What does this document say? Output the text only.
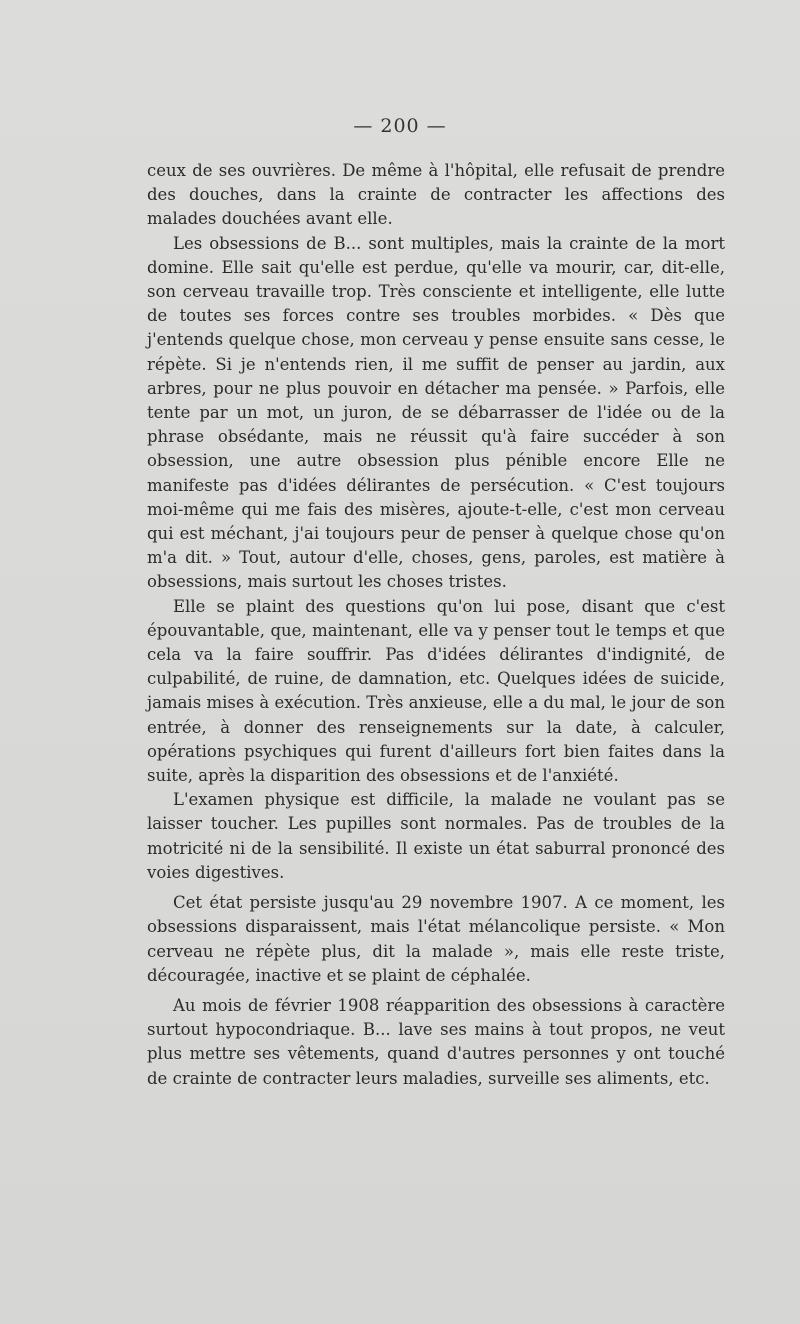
— 200 —

ceux de ses ouvrières. De même à l'hôpital, elle refusait de prendre des douches, dans la crainte de contracter les affections des malades douchées avant elle.

Les obsessions de B... sont multiples, mais la crainte de la mort domine. Elle sait qu'elle est perdue, qu'elle va mourir, car, dit-elle, son cerveau travaille trop. Très consciente et intelligente, elle lutte de toutes ses forces contre ses troubles morbides. « Dès que j'entends quelque chose, mon cerveau y pense ensuite sans cesse, le répète. Si je n'entends rien, il me suffit de penser au jardin, aux arbres, pour ne plus pouvoir en détacher ma pensée. » Parfois, elle tente par un mot, un juron, de se débarrasser de l'idée ou de la phrase obsédante, mais ne réussit qu'à faire succéder à son obsession, une autre obsession plus pénible encore Elle ne manifeste pas d'idées délirantes de persécution. « C'est toujours moi-même qui me fais des misères, ajoute-t-elle, c'est mon cerveau qui est méchant, j'ai toujours peur de penser à quelque chose qu'on m'a dit. » Tout, autour d'elle, choses, gens, paroles, est matière à obsessions, mais surtout les choses tristes.

Elle se plaint des questions qu'on lui pose, disant que c'est épouvantable, que, maintenant, elle va y penser tout le temps et que cela va la faire souffrir. Pas d'idées délirantes d'indignité, de culpabilité, de ruine, de damnation, etc. Quelques idées de suicide, jamais mises à exécution. Très anxieuse, elle a du mal, le jour de son entrée, à donner des renseignements sur la date, à calculer, opérations psychiques qui furent d'ailleurs fort bien faites dans la suite, après la disparition des obsessions et de l'anxiété.

L'examen physique est difficile, la malade ne voulant pas se laisser toucher. Les pupilles sont normales. Pas de troubles de la motricité ni de la sensibilité. Il existe un état saburral prononcé des voies digestives.

Cet état persiste jusqu'au 29 novembre 1907. A ce moment, les obsessions disparaissent, mais l'état mélancolique persiste. « Mon cerveau ne répète plus, dit la malade », mais elle reste triste, découragée, inactive et se plaint de céphalée.

Au mois de février 1908 réapparition des obsessions à caractère surtout hypocondriaque. B... lave ses mains à tout propos, ne veut plus mettre ses vêtements, quand d'autres personnes y ont touché de crainte de contracter leurs maladies, surveille ses aliments, etc.
